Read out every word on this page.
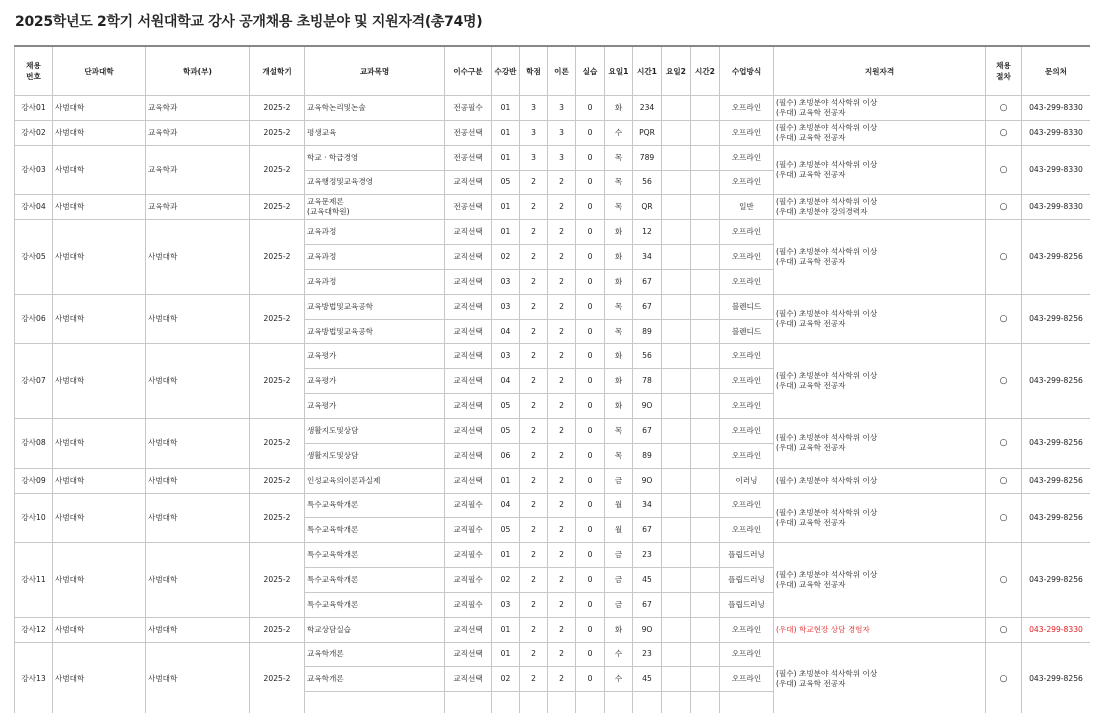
2025학년도 2학기 서원대학교 강사 공개채용 초빙분야 및 지원자격(총74명)
채용
번호	단과대학	학과(부)	개설학기	교과목명	이수구분	수강반	학점	이론	실습	요일1	시간1	요일2	시간2	수업방식	지원자격	채용
절차	문의처
강사01	사범대학	교육학과	2025-2	교육학논리및논술	전공필수	01	3	3	0	화	234			오프라인	(필수) 초빙분야 석사학위 이상
(우대) 교육학 전공자	○	043-299-8330
강사02	사범대학	교육학과	2025-2	평생교육	전공선택	01	3	3	0	수	PQR			오프라인	(필수) 초빙분야 석사학위 이상
(우대) 교육학 전공자	○	043-299-8330
강사03	사범대학	교육학과	2025-2	학교 · 학급경영	전공선택	01	3	3	0	목	789			오프라인	(필수) 초빙분야 석사학위 이상
(우대) 교육학 전공자	○	043-299-8330
				교육행정및교육경영	교직선택	05	2	2	0	목	56			오프라인			
강사04	사범대학	교육학과	2025-2	교육문제론
(교육대학원)	전공선택	01	2	2	0	목	QR			일반	(필수) 초빙분야 석사학위 이상
(우대) 초빙분야 강의경력자	○	043-299-8330
강사05	사범대학	사범대학	2025-2	교육과정	교직선택	01	2	2	0	화	12			오프라인	(필수) 초빙분야 석사학위 이상
(우대) 교육학 전공자	○	043-299-8256
				교육과정	교직선택	02	2	2	0	화	34			오프라인			
				교육과정	교직선택	03	2	2	0	화	67			오프라인			
강사06	사범대학	사범대학	2025-2	교육방법및교육공학	교직선택	03	2	2	0	목	67			블렌디드	(필수) 초빙분야 석사학위 이상
(우대) 교육학 전공자	○	043-299-8256
				교육방법및교육공학	교직선택	04	2	2	0	목	89			블렌디드			
강사07	사범대학	사범대학	2025-2	교육평가	교직선택	03	2	2	0	화	56			오프라인	(필수) 초빙분야 석사학위 이상
(우대) 교육학 전공자	○	043-299-8256
				교육평가	교직선택	04	2	2	0	화	78			오프라인			
				교육평가	교직선택	05	2	2	0	화	9O			오프라인			
강사08	사범대학	사범대학	2025-2	생활지도및상담	교직선택	05	2	2	0	목	67			오프라인	(필수) 초빙분야 석사학위 이상
(우대) 교육학 전공자	○	043-299-8256
				생활지도및상담	교직선택	06	2	2	0	목	89			오프라인			
강사09	사범대학	사범대학	2025-2	인성교육의이론과실제	교직선택	01	2	2	0	금	9O			이러닝	(필수) 초빙분야 석사학위 이상	○	043-299-8256
강사10	사범대학	사범대학	2025-2	특수교육학개론	교직필수	04	2	2	0	월	34			오프라인	(필수) 초빙분야 석사학위 이상
(우대) 교육학 전공자	○	043-299-8256
				특수교육학개론	교직필수	05	2	2	0	월	67			오프라인			
강사11	사범대학	사범대학	2025-2	특수교육학개론	교직필수	01	2	2	0	금	23			플립드러닝	(필수) 초빙분야 석사학위 이상
(우대) 교육학 전공자	○	043-299-8256
				특수교육학개론	교직필수	02	2	2	0	금	45			플립드러닝			
				특수교육학개론	교직필수	03	2	2	0	금	67			플립드러닝			
강사12	사범대학	사범대학	2025-2	학교상담실습	교직선택	01	2	2	0	화	9O			오프라인	(우대) 학교현장 상담 경험자	○	043-299-8330
강사13	사범대학	사범대학	2025-2	교육학개론	교직선택	01	2	2	0	수	23			오프라인	(필수) 초빙분야 석사학위 이상
(우대) 교육학 전공자	○	043-299-8256
				교육학개론	교직선택	02	2	2	0	수	45			오프라인			
